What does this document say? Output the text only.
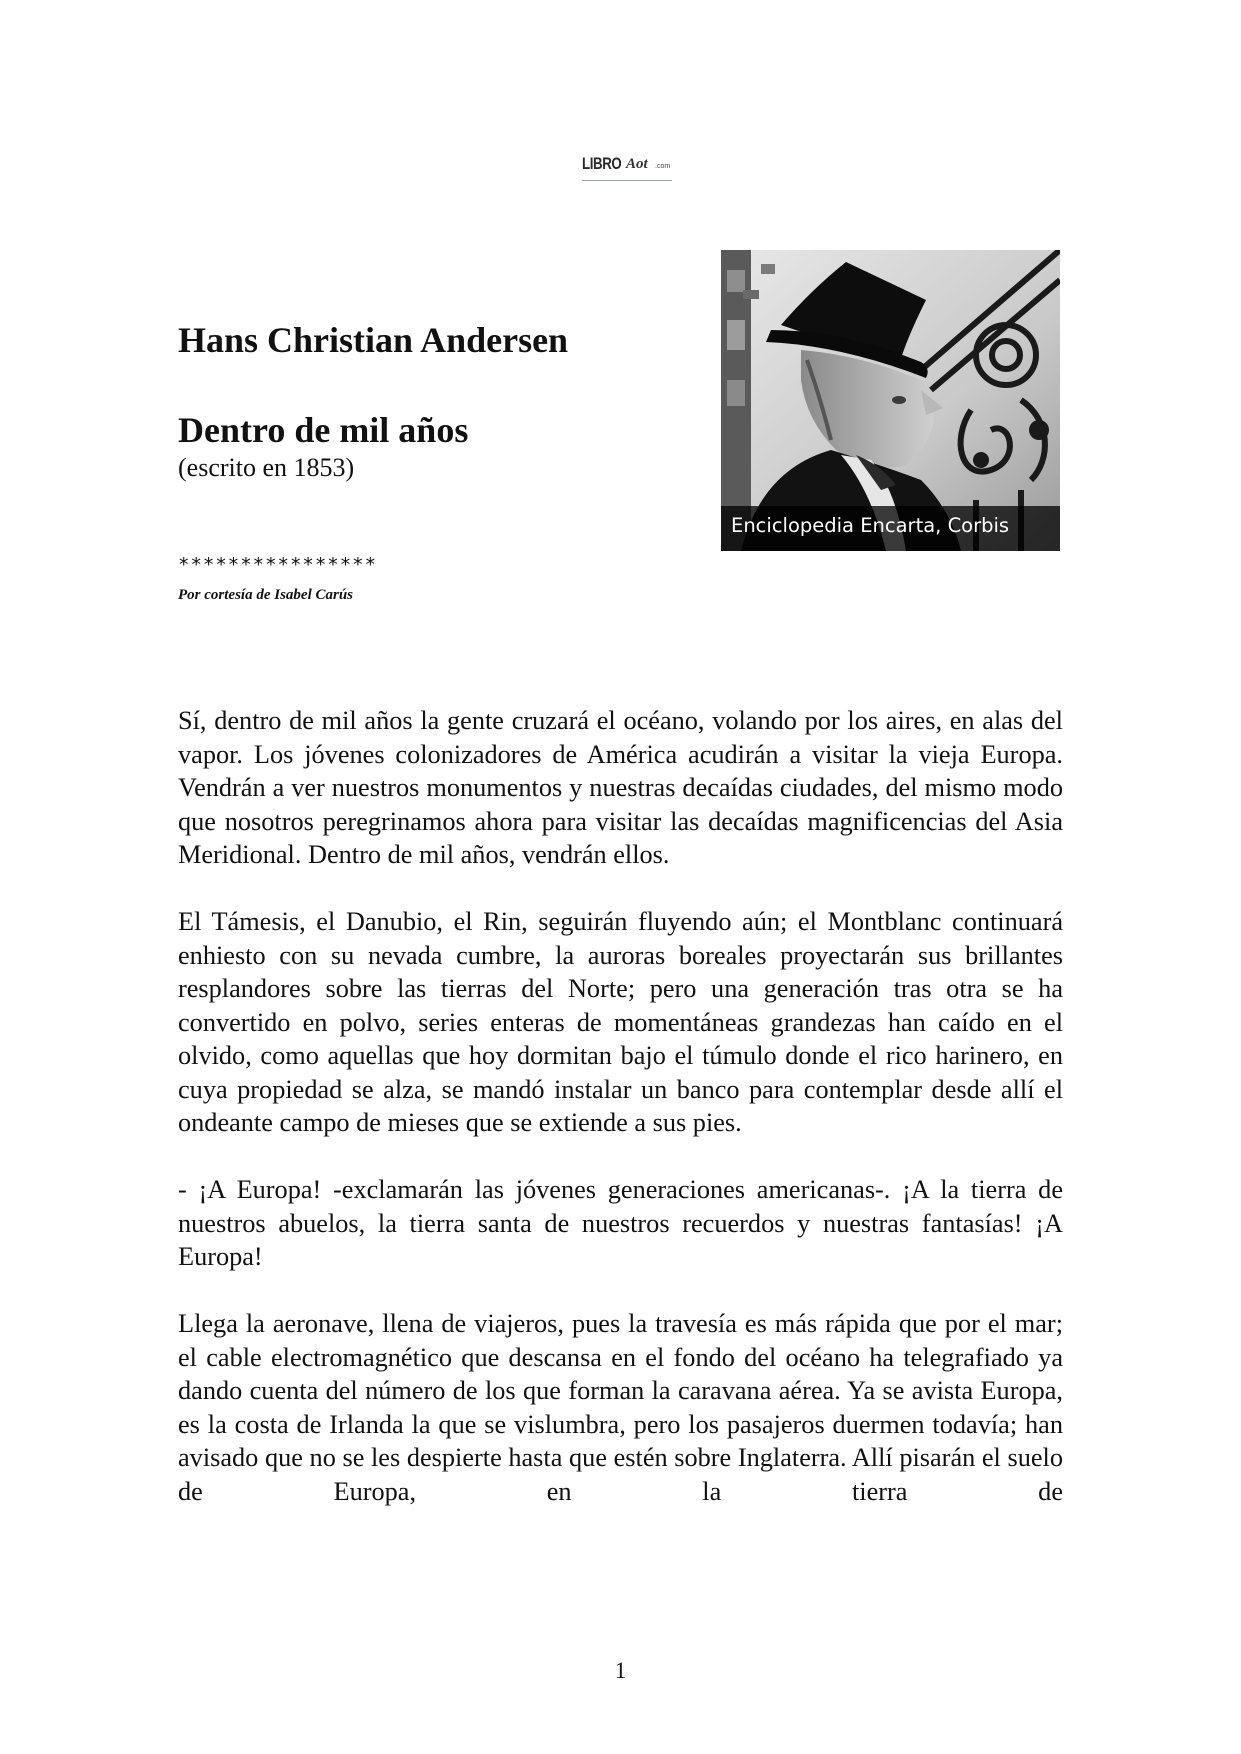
LIBRO Aot .com
Hans Christian Andersen
Dentro de mil años

(escrito en 1853)

****************

Por cortesía de Isabel Carús

Enciclopedia Encarta, Corbis

Sí, dentro de mil años la gente cruzará el océano, volando por los aires, en alas del vapor. Los jóvenes colonizadores de América acudirán a visitar la vieja Europa. Vendrán a ver nuestros monumentos y nuestras decaídas ciudades, del mismo modo que nosotros peregrinamos ahora para visitar las decaídas magnificencias del Asia Meridional. Dentro de mil años, vendrán ellos.

El Támesis, el Danubio, el Rin, seguirán fluyendo aún; el Montblanc continuará enhiesto con su nevada cumbre, la auroras boreales proyectarán sus brillantes resplandores sobre las tierras del Norte; pero una generación tras otra se ha convertido en polvo, series enteras de momentáneas grandezas han caído en el olvido, como aquellas que hoy dormitan bajo el túmulo donde el rico harinero, en cuya propiedad se alza, se mandó instalar un banco para contemplar desde allí el ondeante campo de mieses que se extiende a sus pies.

- ¡A Europa! -exclamarán las jóvenes generaciones americanas-. ¡A la tierra de nuestros abuelos, la tierra santa de nuestros recuerdos y nuestras fantasías! ¡A Europa!

Llega la aeronave, llena de viajeros, pues la travesía es más rápida que por el mar; el cable electromagnético que descansa en el fondo del océano ha telegrafiado ya dando cuenta del número de los que forman la caravana aérea. Ya se avista Europa, es la costa de Irlanda la que se vislumbra, pero los pasajeros duermen todavía; han avisado que no se les despierte hasta que estén sobre Inglaterra. Allí pisarán el suelo de Europa, en la tierra de

1
